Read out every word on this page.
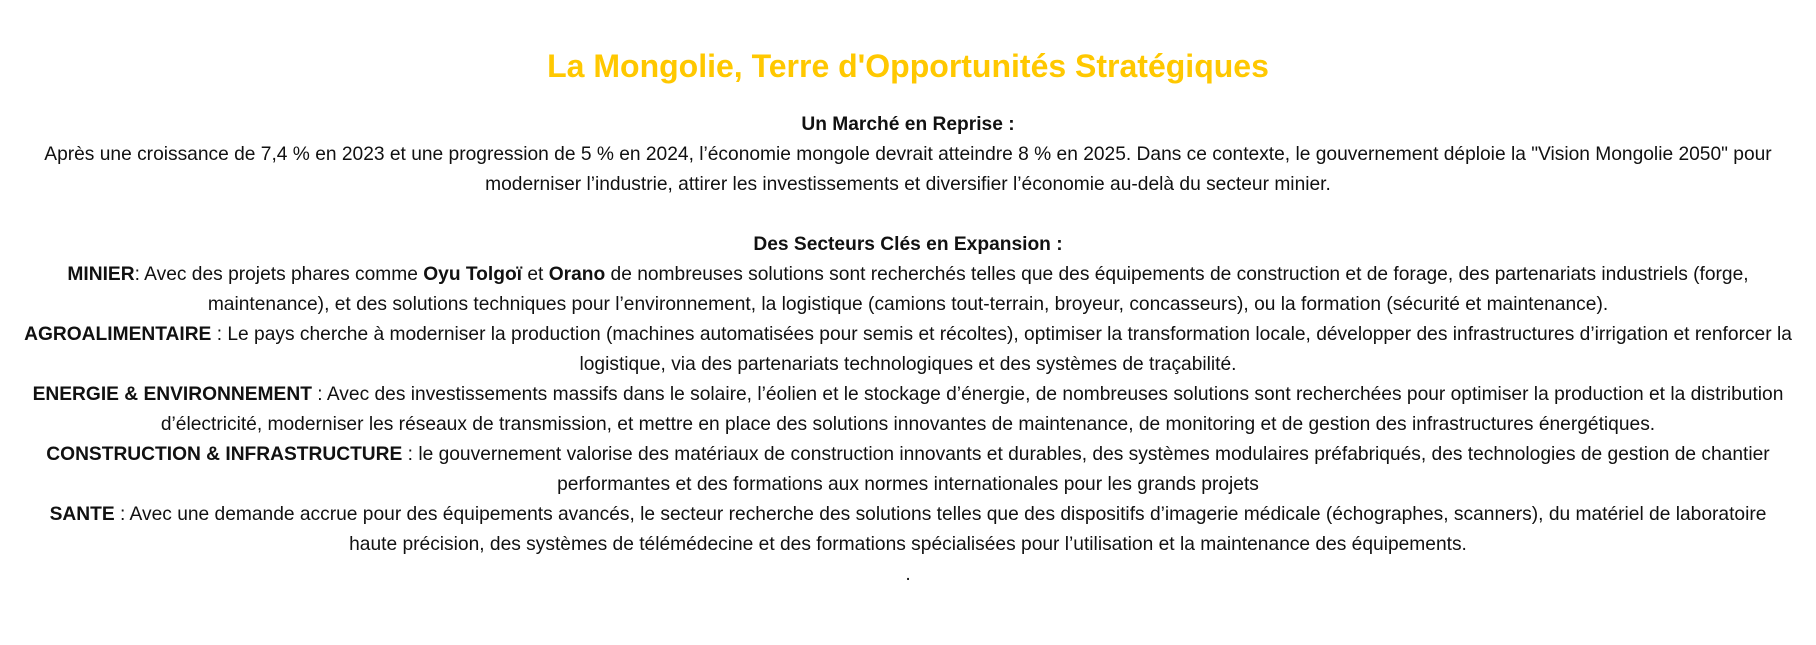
La Mongolie, Terre d'Opportunités Stratégiques
Un Marché en Reprise :
Après une croissance de 7,4 % en 2023 et une progression de 5 % en 2024, l’économie mongole devrait atteindre 8 % en 2025. Dans ce contexte, le gouvernement déploie la "Vision Mongolie 2050" pour moderniser l’industrie, attirer les investissements et diversifier l’économie au-delà du secteur minier.
Des Secteurs Clés en Expansion :
MINIER: Avec des projets phares comme Oyu Tolgoï et Orano de nombreuses solutions sont recherchés telles que des équipements de construction et de forage, des partenariats industriels (forge, maintenance), et des solutions techniques pour l’environnement, la logistique (camions tout-terrain, broyeur, concasseurs), ou la formation (sécurité et maintenance).
AGROALIMENTAIRE : Le pays cherche à moderniser la production (machines automatisées pour semis et récoltes), optimiser la transformation locale, développer des infrastructures d’irrigation et renforcer la logistique, via des partenariats technologiques et des systèmes de traçabilité.
ENERGIE & ENVIRONNEMENT : Avec des investissements massifs dans le solaire, l’éolien et le stockage d’énergie, de nombreuses solutions sont recherchées pour optimiser la production et la distribution d’électricité, moderniser les réseaux de transmission, et mettre en place des solutions innovantes de maintenance, de monitoring et de gestion des infrastructures énergétiques.
CONSTRUCTION & INFRASTRUCTURE : le gouvernement valorise des matériaux de construction innovants et durables, des systèmes modulaires préfabriqués, des technologies de gestion de chantier performantes et des formations aux normes internationales pour les grands projets
SANTE : Avec une demande accrue pour des équipements avancés, le secteur recherche des solutions telles que des dispositifs d’imagerie médicale (échographes, scanners), du matériel de laboratoire haute précision, des systèmes de télémédecine et des formations spécialisées pour l’utilisation et la maintenance des équipements.
.
